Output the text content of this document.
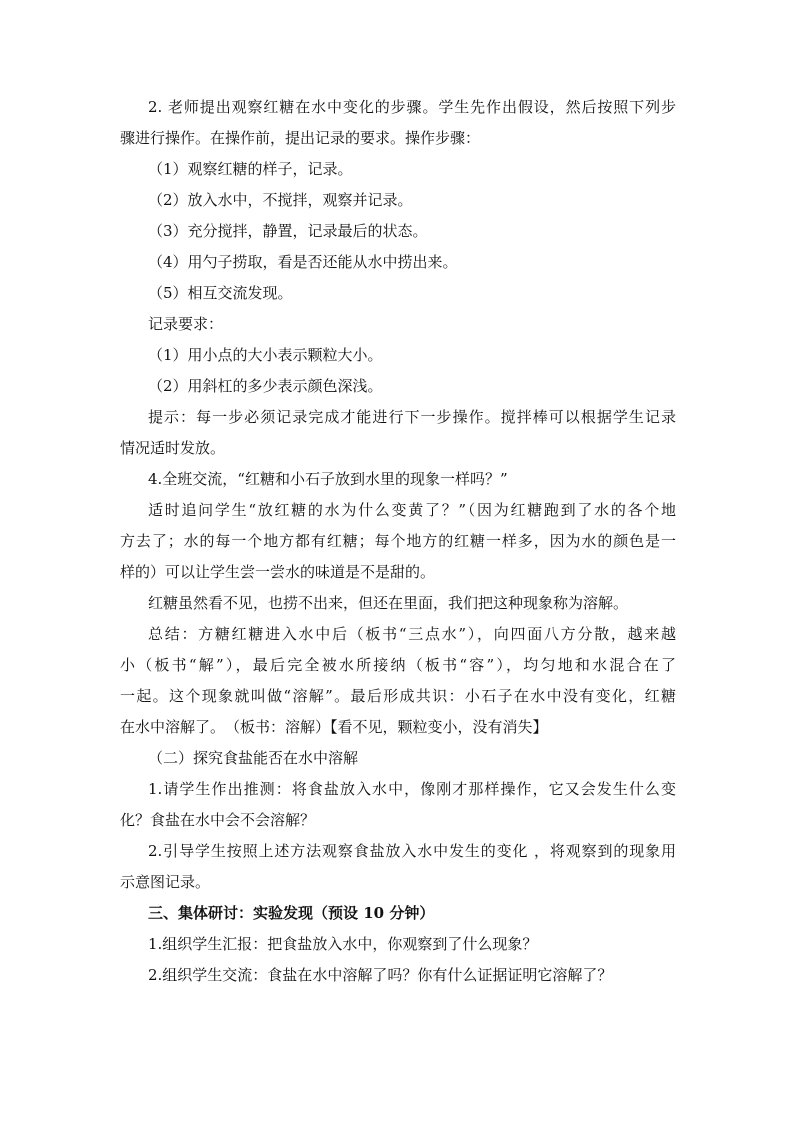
2. 老师提出观察红糖在水中变化的步骤。学生先作出假设，然后按照下列步
骤进行操作。在操作前，提出记录的要求。操作步骤：
（1）观察红糖的样子，记录。
（2）放入水中，不搅拌，观察并记录。
（3）充分搅拌，静置，记录最后的状态。
（4）用勺子捞取，看是否还能从水中捞出来。
（5）相互交流发现。
记录要求：
（1）用小点的大小表示颗粒大小。
（2）用斜杠的多少表示颜色深浅。
提示：每一步必须记录完成才能进行下一步操作。搅拌棒可以根据学生记录
情况适时发放。
4.全班交流，“红糖和小石子放到水里的现象一样吗？”
适时追问学生“放红糖的水为什么变黄了？”（因为红糖跑到了水的各个地
方去了；水的每一个地方都有红糖；每个地方的红糖一样多，因为水的颜色是一
样的）可以让学生尝一尝水的味道是不是甜的。
红糖虽然看不见，也捞不出来，但还在里面，我们把这种现象称为溶解。
总结：方糖红糖进入水中后（板书“三点水”），向四面八方分散，越来越
小（板书“解”），最后完全被水所接纳（板书“容”），均匀地和水混合在了
一起。这个现象就叫做“溶解”。最后形成共识：小石子在水中没有变化，红糖
在水中溶解了。　（板书：溶解）【看不见，颗粒变小，没有消失】
（二）探究食盐能否在水中溶解
1.请学生作出推测：将食盐放入水中，像刚才那样操作，它又会发生什么变
化？食盐在水中会不会溶解？
2.引导学生按照上述方法观察食盐放入水中发生的变化 ，将观察到的现象用
示意图记录。
三、集体研讨：实验发现（预设 10 分钟）
1.组织学生汇报：把食盐放入水中，你观察到了什么现象？
2.组织学生交流：食盐在水中溶解了吗？你有什么证据证明它溶解了？
